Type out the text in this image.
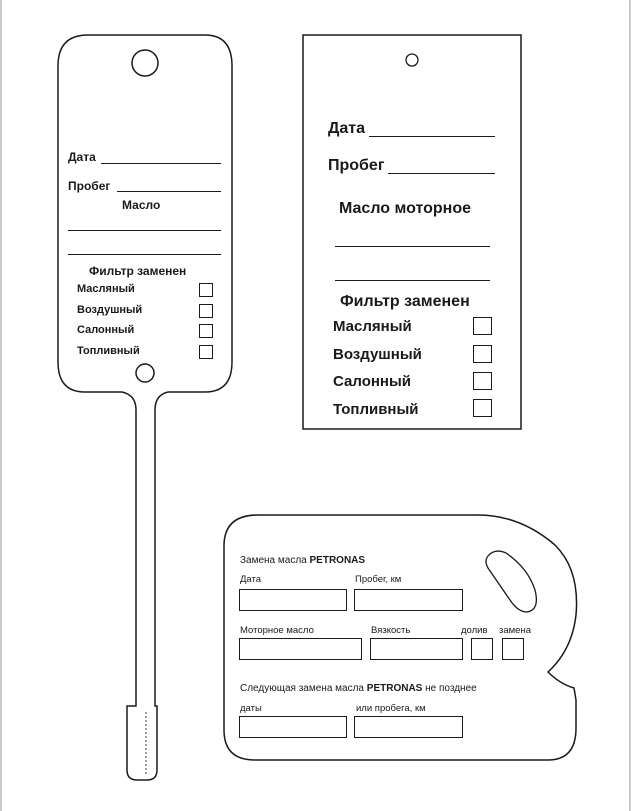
Дата
Пробег
Масло
Фильтр заменен
Масляный
Воздушный
Салонный
Топливный
Дата
Пробег
Масло моторное
Фильтр заменен
Масляный
Воздушный
Салонный
Топливный
Замена масла PETRONAS
Дата	Пробег, км
Моторное масло	Вязкость	долив замена
Следующая замена масла PETRONAS не позднее
даты	или пробега, км
